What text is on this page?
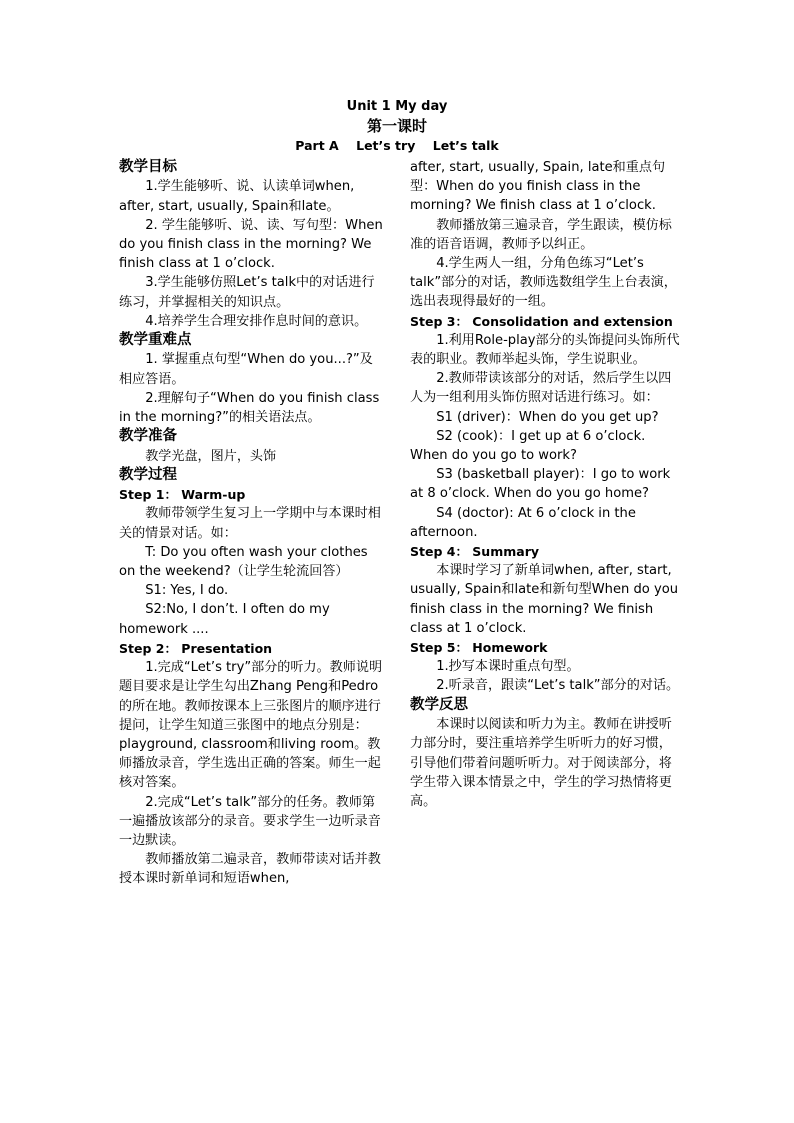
Unit 1 My day
第一课时
Part A    Let’s try    Let’s talk

教学目标

1.学生能够听、说、认读单词when, after, start, usually, Spain和late。

2. 学生能够听、说、读、写句型：When do you finish class in the morning? We finish class at 1 o’clock.

3.学生能够仿照Let’s talk中的对话进行练习，并掌握相关的知识点。

4.培养学生合理安排作息时间的意识。

教学重难点

1. 掌握重点句型“When do you...?”及相应答语。

2.理解句子“When do you finish class in the morning?”的相关语法点。

教学准备

教学光盘，图片，头饰

教学过程

Step 1： Warm-up

教师带领学生复习上一学期中与本课时相关的情景对话。如：

T: Do you often wash your clothes on the weekend?（让学生轮流回答）

S1: Yes, I do.

S2:No, I don’t. I often do my homework ....

Step 2： Presentation

1.完成“Let’s try”部分的听力。教师说明题目要求是让学生勾出Zhang Peng和Pedro的所在地。教师按课本上三张图片的顺序进行提问，让学生知道三张图中的地点分别是：playground, classroom和living room。教师播放录音，学生选出正确的答案。师生一起核对答案。

2.完成“Let’s talk”部分的任务。教师第一遍播放该部分的录音。要求学生一边听录音一边默读。

教师播放第二遍录音，教师带读对话并教授本课时新单词和短语when,

after, start, usually, Spain, late和重点句型：When do you finish class in the morning? We finish class at 1 o’clock.

教师播放第三遍录音，学生跟读，模仿标准的语音语调，教师予以纠正。

4.学生两人一组，分角色练习“Let’s talk”部分的对话，教师选数组学生上台表演，选出表现得最好的一组。

Step 3： Consolidation and extension

1.利用Role-play部分的头饰提问头饰所代表的职业。教师举起头饰，学生说职业。

2.教师带读该部分的对话，然后学生以四人为一组利用头饰仿照对话进行练习。如：

S1 (driver)：When do you get up?

S2 (cook)：I get up at 6 o’clock. When do you go to work?

S3 (basketball player)：I go to work at 8 o’clock. When do you go home?

S4 (doctor): At 6 o’clock in the afternoon.

Step 4： Summary

本课时学习了新单词when, after, start, usually, Spain和late和新句型When do you finish class in the morning? We finish class at 1 o’clock.

Step 5： Homework

1.抄写本课时重点句型。

2.听录音，跟读“Let’s talk”部分的对话。

教学反思

本课时以阅读和听力为主。教师在讲授听力部分时，要注重培养学生听听力的好习惯，引导他们带着问题听听力。对于阅读部分，将学生带入课本情景之中，学生的学习热情将更高。
